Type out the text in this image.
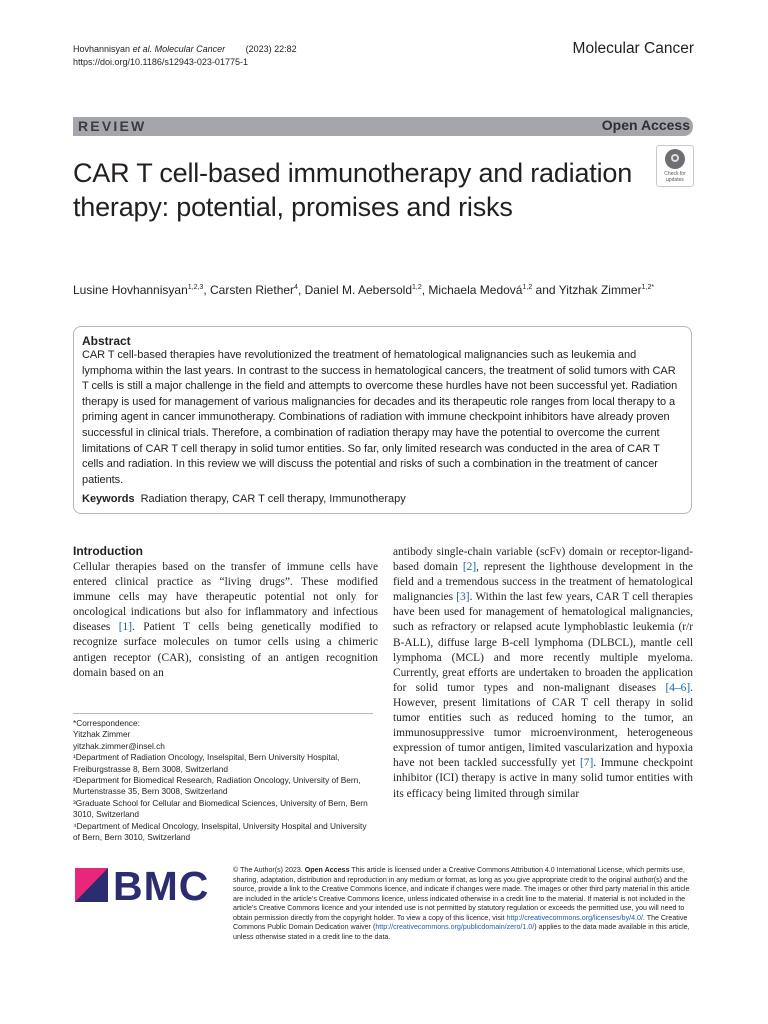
Hovhannisyan et al. Molecular Cancer (2023) 22:82
https://doi.org/10.1186/s12943-023-01775-1
Molecular Cancer
REVIEW	Open Access
Check for
updates
CAR T cell-based immunotherapy and radiation therapy: potential, promises and risks
Lusine Hovhannisyan$^{1,2,3}$, Carsten Riether$^4$, Daniel M. Aebersold$^{1,2}$, Michaela Medová$^{1,2}$ and Yitzhak Zimmer$^{1,2*}$
Abstract
CAR T cell-based therapies have revolutionized the treatment of hematological malignancies such as leukemia and lymphoma within the last years. In contrast to the success in hematological cancers, the treatment of solid tumors with CAR T cells is still a major challenge in the field and attempts to overcome these hurdles have not been successful yet. Radiation therapy is used for management of various malignancies for decades and its therapeutic role ranges from local therapy to a priming agent in cancer immunotherapy. Combinations of radiation with immune checkpoint inhibitors have already proven successful in clinical trials. Therefore, a combination of radiation therapy may have the potential to overcome the current limitations of CAR T cell therapy in solid tumor entities. So far, only limited research was conducted in the area of CAR T cells and radiation. In this review we will discuss the potential and risks of such a combination in the treatment of cancer patients.
Keywords Radiation therapy, CAR T cell therapy, Immunotherapy
Introduction
Cellular therapies based on the transfer of immune cells have entered clinical practice as “living drugs”. These modified immune cells may have therapeutic potential not only for oncological indications but also for inflammatory and infectious diseases [1]. Patient T cells being genetically modified to recognize surface molecules on tumor cells using a chimeric antigen receptor (CAR), consisting of an antigen recognition domain based on an
*Correspondence:
Yitzhak Zimmer
yitzhak.zimmer@insel.ch
¹Department of Radiation Oncology, Inselspital, Bern University Hospital, Freiburgstrasse 8, Bern 3008, Switzerland
²Department for Biomedical Research, Radiation Oncology, University of Bern, Murtenstrasse 35, Bern 3008, Switzerland
³Graduate School for Cellular and Biomedical Sciences, University of Bern, Bern 3010, Switzerland
⁴Department of Medical Oncology, Inselspital, University Hospital and University of Bern, Bern 3010, Switzerland
antibody single-chain variable (scFv) domain or receptor-ligand-based domain [2], represent the lighthouse development in the field and a tremendous success in the treatment of hematological malignancies [3]. Within the last few years, CAR T cell therapies have been used for management of hematological malignancies, such as refractory or relapsed acute lymphoblastic leukemia (r/r B-ALL), diffuse large B-cell lymphoma (DLBCL), mantle cell lymphoma (MCL) and more recently multiple myeloma. Currently, great efforts are undertaken to broaden the application for solid tumor types and non-malignant diseases [4–6]. However, present limitations of CAR T cell therapy in solid tumor entities such as reduced homing to the tumor, an immunosuppressive tumor microenvironment, heterogeneous expression of tumor antigen, limited vascularization and hypoxia have not been tackled successfully yet [7]. Immune checkpoint inhibitor (ICI) therapy is active in many solid tumor entities with its efficacy being limited through similar
BMC	© The Author(s) 2023. Open Access This article is licensed under a Creative Commons Attribution 4.0 International License, which permits use, sharing, adaptation, distribution and reproduction in any medium or format, as long as you give appropriate credit to the original author(s) and the source, provide a link to the Creative Commons licence, and indicate if changes were made. The images or other third party material in this article are included in the article’s Creative Commons licence, unless indicated otherwise in a credit line to the material. If material is not included in the article’s Creative Commons licence and your intended use is not permitted by statutory regulation or exceeds the permitted use, you will need to obtain permission directly from the copyright holder. To view a copy of this licence, visit http://creativecommons.org/licenses/by/4.0/. The Creative Commons Public Domain Dedication waiver (http://creativecommons.org/publicdomain/zero/1.0/) applies to the data made available in this article, unless otherwise stated in a credit line to the data.
